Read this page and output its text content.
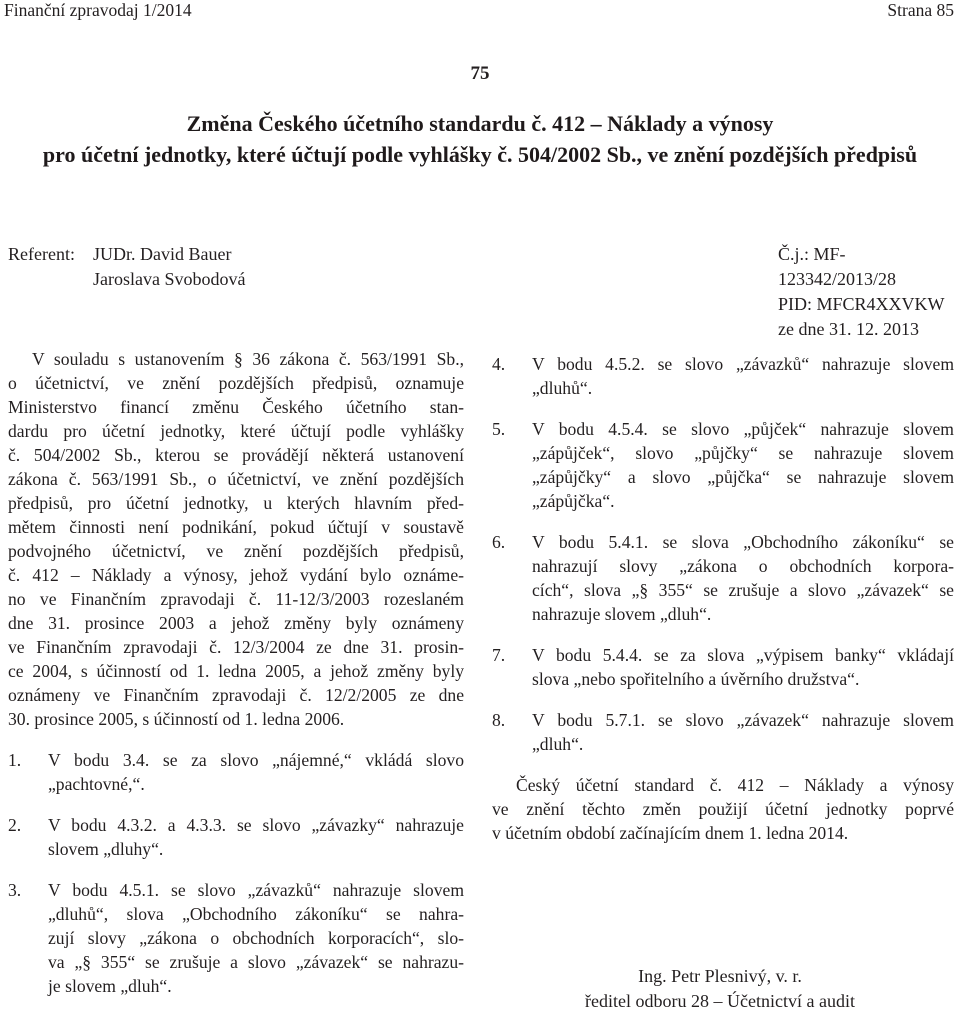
Finanční zpravodaj 1/2014	Strana 85
75
Změna Českého účetního standardu č. 412 – Náklady a výnosy
pro účetní jednotky, které účtují podle vyhlášky č. 504/2002 Sb., ve znění pozdějších předpisů
Referent:	JUDr. David Bauer
Jaroslava Svobodová
Č.j.: MF-123342/2013/28
PID: MFCR4XXVKW
ze dne 31. 12. 2013
V souladu s ustanovením § 36 zákona č. 563/1991 Sb.,
o účetnictví, ve znění pozdějších předpisů, oznamuje
Ministerstvo financí změnu Českého účetního stan-
dardu pro účetní jednotky, které účtují podle vyhlášky
č. 504/2002 Sb., kterou se provádějí některá ustanovení
zákona č. 563/1991 Sb., o účetnictví, ve znění pozdějších
předpisů, pro účetní jednotky, u kterých hlavním před-
mětem činnosti není podnikání, pokud účtují v soustavě
podvojného účetnictví, ve znění pozdějších předpisů,
č. 412 – Náklady a výnosy, jehož vydání bylo oznáme-
no ve Finančním zpravodaji č. 11-12/3/2003 rozeslaném
dne 31. prosince 2003 a jehož změny byly oznámeny
ve Finančním zpravodaji č. 12/3/2004 ze dne 31. prosin-
ce 2004, s účinností od 1. ledna 2005, a jehož změny byly
oznámeny ve Finančním zpravodaji č. 12/2/2005 ze dne
30. prosince 2005, s účinností od 1. ledna 2006.
1.	V bodu 3.4. se za slovo „nájemné,“ vkládá slovo
„pachtovné,“.
2.	V bodu 4.3.2. a 4.3.3. se slovo „závazky“ nahrazuje
slovem „dluhy“.
3.	V bodu 4.5.1. se slovo „závazků“ nahrazuje slovem
„dluhů“, slova „Obchodního zákoníku“ se nahra-
zují slovy „zákona o obchodních korporacích“, slo-
va „§ 355“ se zrušuje a slovo „závazek“ se nahrazu-
je slovem „dluh“.
4.	V bodu 4.5.2. se slovo „závazků“ nahrazuje slovem
„dluhů“.
5.	V bodu 4.5.4. se slovo „půjček“ nahrazuje slovem
„zápůjček“, slovo „půjčky“ se nahrazuje slovem
„zápůjčky“ a slovo „půjčka“ se nahrazuje slovem
„zápůjčka“.
6.	V bodu 5.4.1. se slova „Obchodního zákoníku“ se
nahrazují slovy „zákona o obchodních korpora-
cích“, slova „§ 355“ se zrušuje a slovo „závazek“ se
nahrazuje slovem „dluh“.
7.	V bodu 5.4.4. se za slova „výpisem banky“ vkládají
slova „nebo spořitelního a úvěrního družstva“.
8.	V bodu 5.7.1. se slovo „závazek“ nahrazuje slovem
„dluh“.
Český účetní standard č. 412 – Náklady a výnosy
ve znění těchto změn použijí účetní jednotky poprvé
v účetním období začínajícím dnem 1. ledna 2014.
Ing. Petr Plesnivý, v. r.
ředitel odboru 28 – Účetnictví a audit
